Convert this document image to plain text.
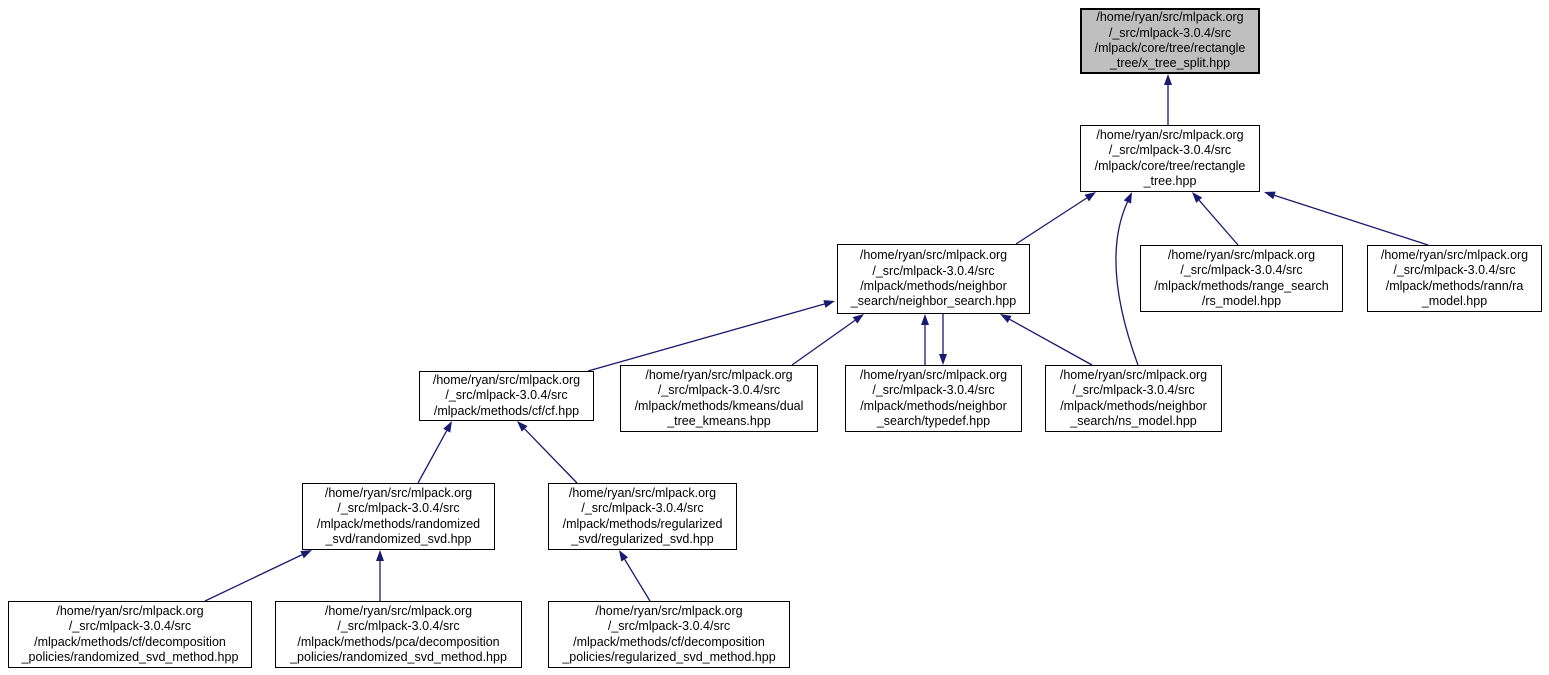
/home/ryan/src/mlpack.org
/_src/mlpack-3.0.4/src
/mlpack/core/tree/rectangle
_tree/x_tree_split.hpp
/home/ryan/src/mlpack.org
/_src/mlpack-3.0.4/src
/mlpack/core/tree/rectangle
_tree.hpp
/home/ryan/src/mlpack.org
/_src/mlpack-3.0.4/src
/mlpack/methods/neighbor
_search/neighbor_search.hpp
/home/ryan/src/mlpack.org
/_src/mlpack-3.0.4/src
/mlpack/methods/range_search
/rs_model.hpp
/home/ryan/src/mlpack.org
/_src/mlpack-3.0.4/src
/mlpack/methods/rann/ra
_model.hpp
/home/ryan/src/mlpack.org
/_src/mlpack-3.0.4/src
/mlpack/methods/cf/cf.hpp
/home/ryan/src/mlpack.org
/_src/mlpack-3.0.4/src
/mlpack/methods/kmeans/dual
_tree_kmeans.hpp
/home/ryan/src/mlpack.org
/_src/mlpack-3.0.4/src
/mlpack/methods/neighbor
_search/typedef.hpp
/home/ryan/src/mlpack.org
/_src/mlpack-3.0.4/src
/mlpack/methods/neighbor
_search/ns_model.hpp
/home/ryan/src/mlpack.org
/_src/mlpack-3.0.4/src
/mlpack/methods/randomized
_svd/randomized_svd.hpp
/home/ryan/src/mlpack.org
/_src/mlpack-3.0.4/src
/mlpack/methods/regularized
_svd/regularized_svd.hpp
/home/ryan/src/mlpack.org
/_src/mlpack-3.0.4/src
/mlpack/methods/cf/decomposition
_policies/randomized_svd_method.hpp
/home/ryan/src/mlpack.org
/_src/mlpack-3.0.4/src
/mlpack/methods/pca/decomposition
_policies/randomized_svd_method.hpp
/home/ryan/src/mlpack.org
/_src/mlpack-3.0.4/src
/mlpack/methods/cf/decomposition
_policies/regularized_svd_method.hpp
